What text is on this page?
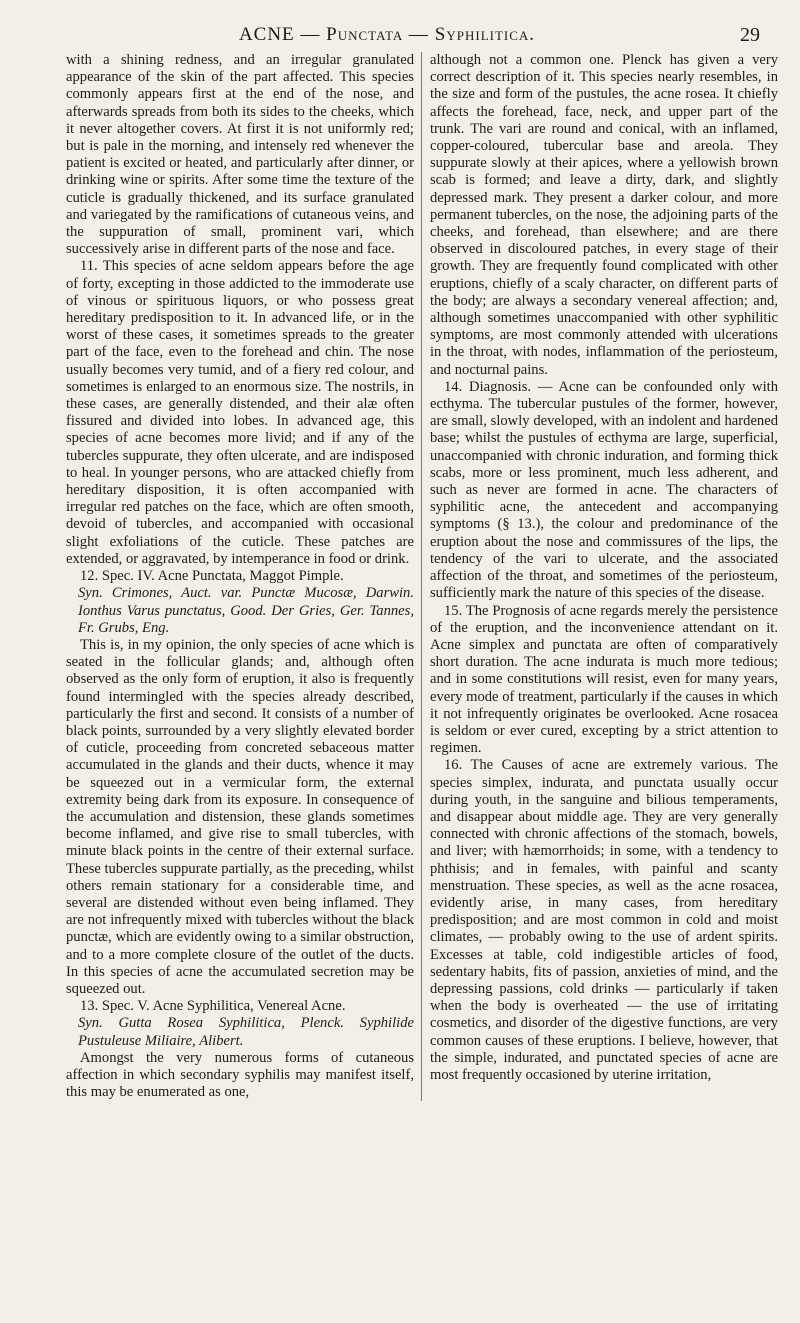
ACNE — Punctata — Syphilitica.	29

with a shining redness, and an irregular granulated appearance of the skin of the part affected. This species commonly appears first at the end of the nose, and afterwards spreads from both its sides to the cheeks, which it never altogether covers. At first it is not uniformly red; but is pale in the morning, and intensely red whenever the patient is excited or heated, and particularly after dinner, or drinking wine or spirits. After some time the texture of the cuticle is gradually thickened, and its surface granulated and variegated by the ramifications of cutaneous veins, and the suppuration of small, prominent vari, which successively arise in different parts of the nose and face.

11. This species of acne seldom appears before the age of forty, excepting in those addicted to the immoderate use of vinous or spirituous liquors, or who possess great hereditary predisposition to it. In advanced life, or in the worst of these cases, it sometimes spreads to the greater part of the face, even to the forehead and chin. The nose usually becomes very tumid, and of a fiery red colour, and sometimes is enlarged to an enormous size. The nostrils, in these cases, are generally distended, and their alæ often fissured and divided into lobes. In advanced age, this species of acne becomes more livid; and if any of the tubercles suppurate, they often ulcerate, and are indisposed to heal. In younger persons, who are attacked chiefly from hereditary disposition, it is often accompanied with irregular red patches on the face, which are often smooth, devoid of tubercles, and accompanied with occasional slight exfoliations of the cuticle. These patches are extended, or aggravated, by intemperance in food or drink.

12. Spec. IV. Acne Punctata, Maggot Pimple.

Syn. Crimones, Auct. var. Punctæ Mucosæ, Darwin. Ionthus Varus punctatus, Good. Der Gries, Ger. Tannes, Fr. Grubs, Eng.

This is, in my opinion, the only species of acne which is seated in the follicular glands; and, although often observed as the only form of eruption, it also is frequently found intermingled with the species already described, particularly the first and second. It consists of a number of black points, surrounded by a very slightly elevated border of cuticle, proceeding from concreted sebaceous matter accumulated in the glands and their ducts, whence it may be squeezed out in a vermicular form, the external extremity being dark from its exposure. In consequence of the accumulation and distension, these glands sometimes become inflamed, and give rise to small tubercles, with minute black points in the centre of their external surface. These tubercles suppurate partially, as the preceding, whilst others remain stationary for a considerable time, and several are distended without even being inflamed. They are not infrequently mixed with tubercles without the black punctæ, which are evidently owing to a similar obstruction, and to a more complete closure of the outlet of the ducts. In this species of acne the accumulated secretion may be squeezed out.

13. Spec. V. Acne Syphilitica, Venereal Acne.

Syn. Gutta Rosea Syphilitica, Plenck. Syphilide Pustuleuse Miliaire, Alibert.

Amongst the very numerous forms of cutaneous affection in which secondary syphilis may manifest itself, this may be enumerated as one,

although not a common one. Plenck has given a very correct description of it. This species nearly resembles, in the size and form of the pustules, the acne rosea. It chiefly affects the forehead, face, neck, and upper part of the trunk. The vari are round and conical, with an inflamed, copper-coloured, tubercular base and areola. They suppurate slowly at their apices, where a yellowish brown scab is formed; and leave a dirty, dark, and slightly depressed mark. They present a darker colour, and more permanent tubercles, on the nose, the adjoining parts of the cheeks, and forehead, than elsewhere; and are there observed in discoloured patches, in every stage of their growth. They are frequently found complicated with other eruptions, chiefly of a scaly character, on different parts of the body; are always a secondary venereal affection; and, although sometimes unaccompanied with other syphilitic symptoms, are most commonly attended with ulcerations in the throat, with nodes, inflammation of the periosteum, and nocturnal pains.

14. Diagnosis. — Acne can be confounded only with ecthyma. The tubercular pustules of the former, however, are small, slowly developed, with an indolent and hardened base; whilst the pustules of ecthyma are large, superficial, unaccompanied with chronic induration, and forming thick scabs, more or less prominent, much less adherent, and such as never are formed in acne. The characters of syphilitic acne, the antecedent and accompanying symptoms (§ 13.), the colour and predominance of the eruption about the nose and commissures of the lips, the tendency of the vari to ulcerate, and the associated affection of the throat, and sometimes of the periosteum, sufficiently mark the nature of this species of the disease.

15. The Prognosis of acne regards merely the persistence of the eruption, and the inconvenience attendant on it. Acne simplex and punctata are often of comparatively short duration. The acne indurata is much more tedious; and in some constitutions will resist, even for many years, every mode of treatment, particularly if the causes in which it not infrequently originates be overlooked. Acne rosacea is seldom or ever cured, excepting by a strict attention to regimen.

16. The Causes of acne are extremely various. The species simplex, indurata, and punctata usually occur during youth, in the sanguine and bilious temperaments, and disappear about middle age. They are very generally connected with chronic affections of the stomach, bowels, and liver; with hæmorrhoids; in some, with a tendency to phthisis; and in females, with painful and scanty menstruation. These species, as well as the acne rosacea, evidently arise, in many cases, from hereditary predisposition; and are most common in cold and moist climates, — probably owing to the use of ardent spirits. Excesses at table, cold indigestible articles of food, sedentary habits, fits of passion, anxieties of mind, and the depressing passions, cold drinks — particularly if taken when the body is overheated — the use of irritating cosmetics, and disorder of the digestive functions, are very common causes of these eruptions. I believe, however, that the simple, indurated, and punctated species of acne are most frequently occasioned by uterine irritation,
